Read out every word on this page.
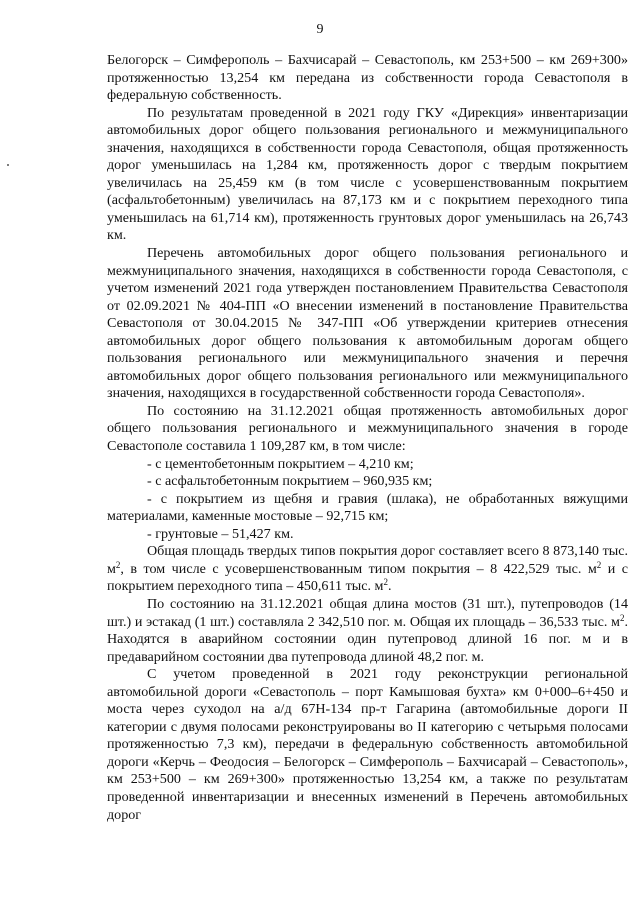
9

Белогорск – Симферополь – Бахчисарай – Севастополь, км 253+500 – км 269+300» протяженностью 13,254 км передана из собственности города Севастополя в федеральную собственность.

По результатам проведенной в 2021 году ГКУ «Дирекция» инвентаризации автомобильных дорог общего пользования регионального и межмуниципального значения, находящихся в собственности города Севастополя, общая протяженность дорог уменьшилась на 1,284 км, протяженность дорог с твердым покрытием увеличилась на 25,459 км (в том числе с усовершенствованным покрытием (асфальтобетонным) увеличилась на 87,173 км и с покрытием переходного типа уменьшилась на 61,714 км), протяженность грунтовых дорог уменьшилась на 26,743 км.

Перечень автомобильных дорог общего пользования регионального и межмуниципального значения, находящихся в собственности города Севастополя, с учетом изменений 2021 года утвержден постановлением Правительства Севастополя от 02.09.2021 № 404-ПП «О внесении изменений в постановление Правительства Севастополя от 30.04.2015 № 347-ПП «Об утверждении критериев отнесения автомобильных дорог общего пользования к автомобильным дорогам общего пользования регионального или межмуниципального значения и перечня автомобильных дорог общего пользования регионального или межмуниципального значения, находящихся в государственной собственности города Севастополя».

По состоянию на 31.12.2021 общая протяженность автомобильных дорог общего пользования регионального и межмуниципального значения в городе Севастополе составила 1 109,287 км, в том числе:

- с цементобетонным покрытием – 4,210 км;

- с асфальтобетонным покрытием – 960,935 км;

- с покрытием из щебня и гравия (шлака), не обработанных вяжущими материалами, каменные мостовые – 92,715 км;

- грунтовые – 51,427 км.

Общая площадь твердых типов покрытия дорог составляет всего 8 873,140 тыс. $м^2$, в том числе с усовершенствованным типом покрытия – 8 422,529 тыс. $м^2$ и с покрытием переходного типа – 450,611 тыс. $м^2$.

По состоянию на 31.12.2021 общая длина мостов (31 шт.), путепроводов (14 шт.) и эстакад (1 шт.) составляла 2 342,510 пог. м. Общая их площадь – 36,533 тыс. $м^2$. Находятся в аварийном состоянии один путепровод длиной 16 пог. м и в предаварийном состоянии два путепровода длиной 48,2 пог. м.

С учетом проведенной в 2021 году реконструкции региональной автомобильной дороги «Севастополь – порт Камышовая бухта» км 0+000–6+450 и моста через суходол на а/д 67Н-134 пр-т Гагарина (автомобильные дороги II категории с двумя полосами реконструированы во II категорию с четырьмя полосами протяженностью 7,3 км), передачи в федеральную собственность автомобильной дороги «Керчь – Феодосия – Белогорск – Симферополь – Бахчисарай – Севастополь», км 253+500 – км 269+300» протяженностью 13,254 км, а также по результатам проведенной инвентаризации и внесенных изменений в Перечень автомобильных дорог
